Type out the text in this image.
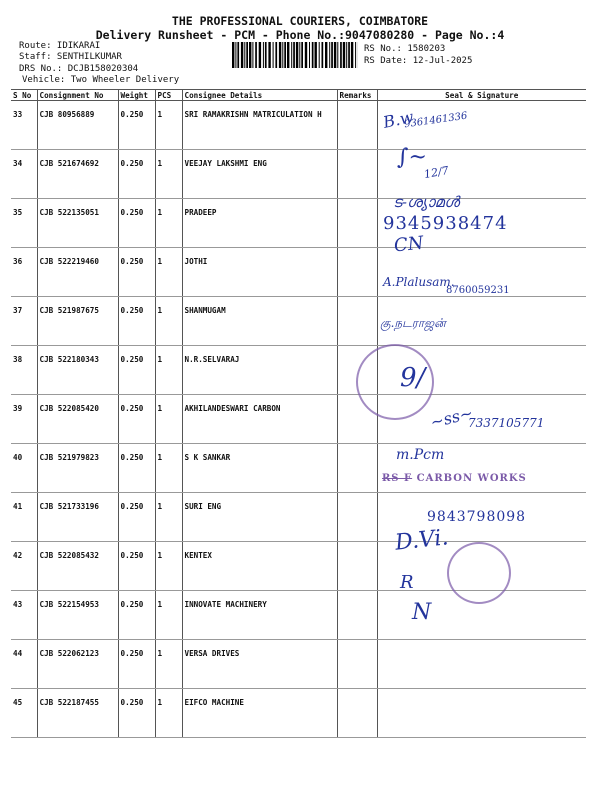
THE PROFESSIONAL COURIERS, COIMBATORE
Delivery Runsheet - PCM - Phone No.:9047080280 - Page No.:4
Route: IDIKARAI
Staff: SENTHILKUMAR
DRS No.: DCJB158020304
Vehicle: Two Wheeler Delivery
RS No.: 1580203
RS Date: 12-Jul-2025
S No	Consignment No	Weight	PCS	Consignee Details	Remarks	Seal & Signature
33	CJB 80956889	0.250	1	SRI RAMAKRISHN MATRICULATION H		
34	CJB 521674692	0.250	1	VEEJAY LAKSHMI ENG		
35	CJB 522135051	0.250	1	PRADEEP		
36	CJB 522219460	0.250	1	JOTHI		
37	CJB 521987675	0.250	1	SHANMUGAM		
38	CJB 522180343	0.250	1	N.R.SELVARAJ		
39	CJB 522085420	0.250	1	AKHILANDESWARI CARBON		
40	CJB 521979823	0.250	1	S K SANKAR		
41	CJB 521733196	0.250	1	SURI ENG		
42	CJB 522085432	0.250	1	KENTEX		
43	CJB 522154953	0.250	1	INNOVATE MACHINERY		
44	CJB 522062123	0.250	1	VERSA DRIVES		
45	CJB 522187455	0.250	1	EIFCO MACHINE		
B.w
9361461336
∫~
12/7
ട-ശ്യാമൾ
9345938474
CN
A.Plalusam.
8760059231
கு.நடராஜன்
9/
~ss~
7337105771
m.Pcm
RS F CARBON WORKS
9843798098
D.Vi.
R
N
